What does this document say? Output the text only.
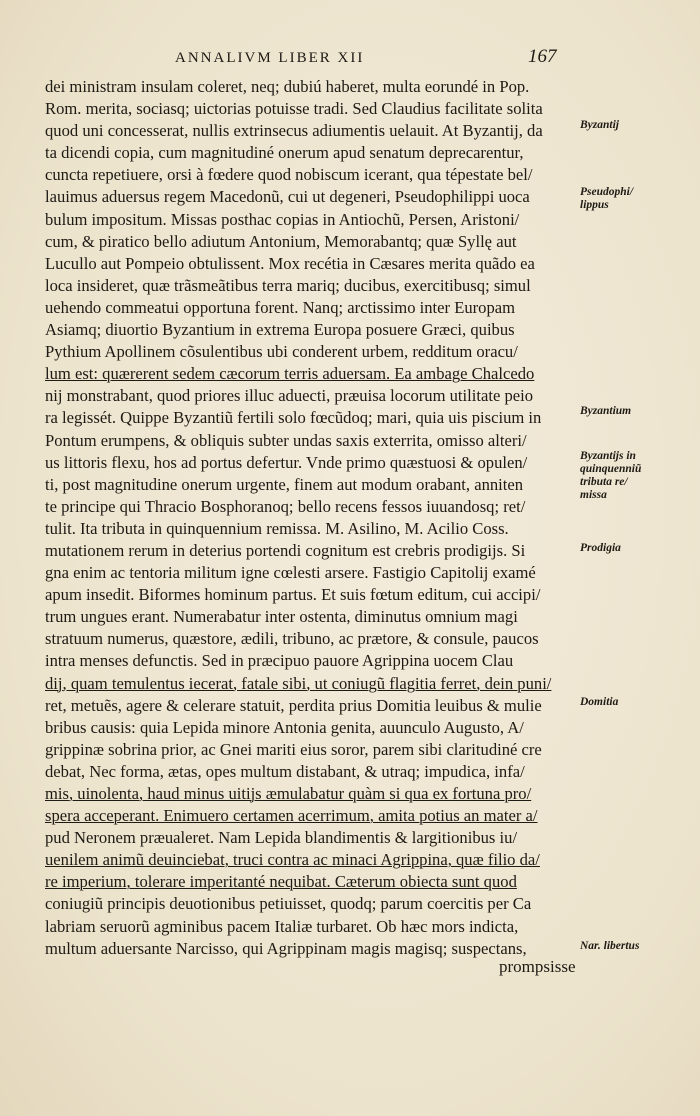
ANNALIVM LIBER XII	167
dei ministram insulam coleret, neq; dubiú haberet, multa eorundé in Pop.
Rom. merita, sociasq; uictorias potuisse tradi. Sed Claudius facilitate solita
quod uni concesserat, nullis extrinsecus adiumentis uelauit. At Byzantij, da
ta dicendi copia, cum magnitudiné onerum apud senatum deprecarentur,
cuncta repetiuere, orsi à fœdere quod nobiscum icerant, qua tépestate bel/
lauimus aduersus regem Macedonũ, cui ut degeneri, Pseudophilippi uoca
bulum impositum. Missas posthac copias in Antiochũ, Persen, Aristoni/
cum, & piratico bello adiutum Antonium, Memorabantq; quæ Syllę aut
Lucullo aut Pompeio obtulissent. Mox recétia in Cæsares merita quãdo ea
loca insideret, quæ trãsmeãtibus terra mariq; ducibus, exercitibusq; simul
uehendo commeatui opportuna forent. Nanq; arctissimo inter Europam
Asiamq; diuortio Byzantium in extrema Europa posuere Græci, quibus
Pythium Apollinem cõsulentibus ubi conderent urbem, redditum oracu/
lum est: quærerent sedem cæcorum terris aduersam. Ea ambage Chalcedo
nij monstrabant, quod priores illuc aduecti, præuisa locorum utilitate peio
ra legissét. Quippe Byzantiũ fertili solo fœcũdoq; mari, quia uis piscium in
Pontum erumpens, & obliquis subter undas saxis exterrita, omisso alteri/
us littoris flexu, hos ad portus defertur. Vnde primo quæstuosi & opulen/
ti, post magnitudine onerum urgente, finem aut modum orabant, anniten
te principe qui Thracio Bosphoranoq; bello recens fessos iuuandosq; ret/
tulit. Ita tributa in quinquennium remissa. M. Asilino, M. Acilio Coss.
mutationem rerum in deterius portendi cognitum est crebris prodigijs. Si
gna enim ac tentoria militum igne cœlesti arsere. Fastigio Capitolij examé
apum insedit. Biformes hominum partus. Et suis fœtum editum, cui accipi/
trum ungues erant. Numerabatur inter ostenta, diminutus omnium magi
stratuum numerus, quæstore, ædili, tribuno, ac prætore, & consule, paucos
intra menses defunctis. Sed in præcipuo pauore Agrippina uocem Clau
dij, quam temulentus iecerat, fatale sibi, ut coniugũ flagitia ferret, dein puni/
ret, metuẽs, agere & celerare statuit, perdita prius Domitia leuibus & mulie
bribus causis: quia Lepida minore Antonia genita, auunculo Augusto, A/
grippinæ sobrina prior, ac Gnei mariti eius soror, parem sibi claritudiné cre
debat, Nec forma, ætas, opes multum distabant, & utraq; impudica, infa/
mis, uinolenta, haud minus uitijs æmulabatur quàm si qua ex fortuna pro/
spera acceperant. Enimuero certamen acerrimum, amita potius an mater a/
pud Neronem præualeret. Nam Lepida blandimentis & largitionibus iu/
uenilem animũ deuinciebat, truci contra ac minaci Agrippina, quæ filio da/
re imperium, tolerare imperitanté nequibat. Cæterum obiecta sunt quod
coniugiũ principis deuotionibus petiuisset, quodq; parum coercitis per Ca
labriam seruorũ agminibus pacem Italiæ turbaret. Ob hæc mors indicta,
multum aduersante Narcisso, qui Agrippinam magis magisq; suspectans,
prompsisse
Byzantij
Pseudophi/
lippus
Byzantium
Byzantijs in
quinquenniũ
tributa re/
missa
Prodigia
Domitia
Nar. libertus
